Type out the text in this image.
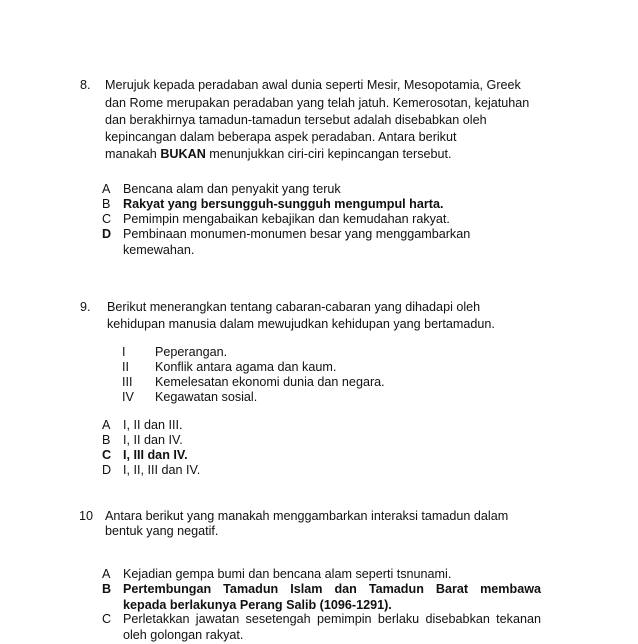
8. Merujuk kepada peradaban awal dunia seperti Mesir, Mesopotamia, Greek
dan Rome merupakan peradaban yang telah jatuh. Kemerosotan, kejatuhan
dan berakhirnya tamadun-tamadun tersebut adalah disebabkan oleh
kepincangan dalam beberapa aspek peradaban. Antara berikut
manakah BUKAN menunjukkan ciri-ciri kepincangan tersebut.
A Bencana alam dan penyakit yang teruk
B Rakyat yang bersungguh-sungguh mengumpul harta.
C Pemimpin mengabaikan kebajikan dan kemudahan rakyat.
D Pembinaan monumen-monumen besar yang menggambarkan
kemewahan.
9. Berikut menerangkan tentang cabaran-cabaran yang dihadapi oleh
kehidupan manusia dalam mewujudkan kehidupan yang bertamadun.
I Peperangan.
II Konflik antara agama dan kaum.
III Kemelesatan ekonomi dunia dan negara.
IV Kegawatan sosial.
A I, II dan III.
B I, II dan IV.
C I, III dan IV.
D I, II, III dan IV.
10 Antara berikut yang manakah menggambarkan interaksi tamadun dalam
bentuk yang negatif.
A Kejadian gempa bumi dan bencana alam seperti tsnunami.
B Pertembungan Tamadun Islam dan Tamadun Barat membawa
kepada berlakunya Perang Salib (1096-1291).
C Perletakkan jawatan sesetengah pemimpin berlaku disebabkan tekanan
oleh golongan rakyat.
